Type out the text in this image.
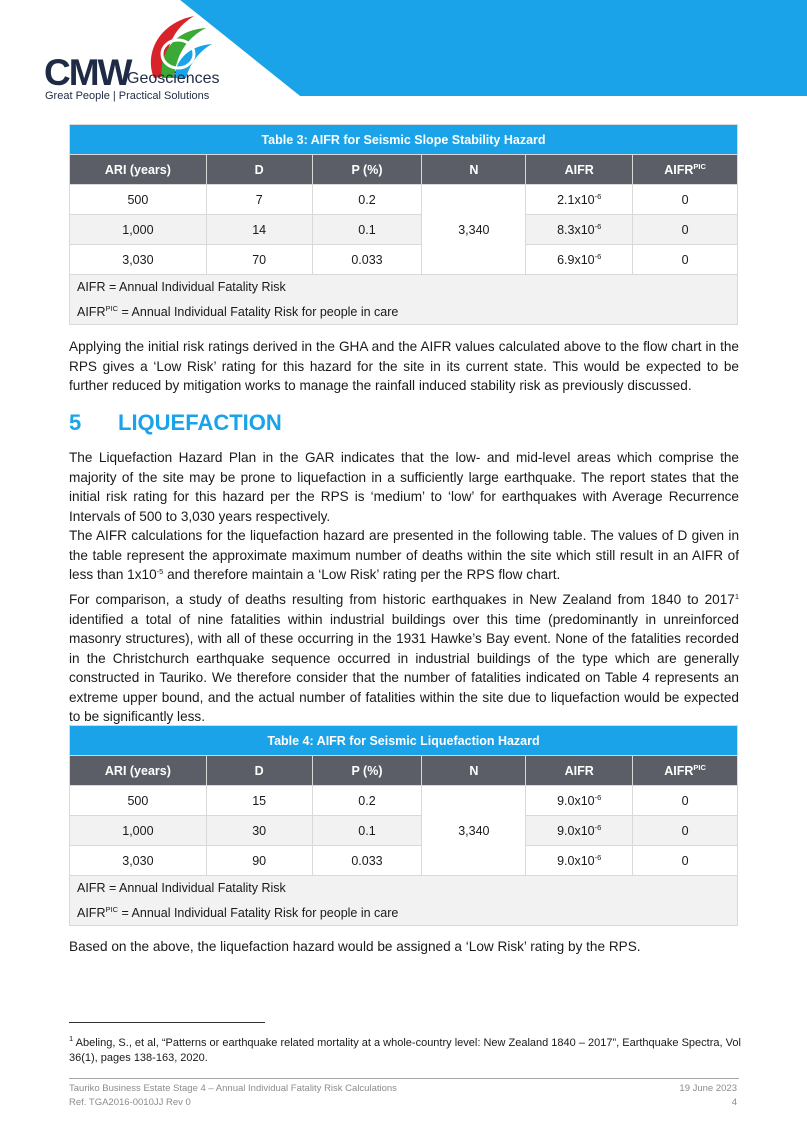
CMW
Geosciences
Great People | Practical Solutions
Table 3: AIFR for Seismic Slope Stability Hazard					
ARI (years)	D	P (%)	N	AIFR	$AIFR^{PIC}$
500	7	0.2	3,340	$2.1x10^{-6}$	0
1,000	14	0.1		$8.3x10^{-6}$	0
3,030	70	0.033		$6.9x10^{-6}$	0
AIFR = Annual Individual Fatality Risk					
$AIFR^{PIC}$ = Annual Individual Fatality Risk for people in care					

Applying the initial risk ratings derived in the GHA and the AIFR values calculated above to the flow chart in the RPS gives a ‘Low Risk’ rating for this hazard for the site in its current state. This would be expected to be further reduced by mitigation works to manage the rainfall induced stability risk as previously discussed.

5 LIQUEFACTION

The Liquefaction Hazard Plan in the GAR indicates that the low- and mid-level areas which comprise the majority of the site may be prone to liquefaction in a sufficiently large earthquake. The report states that the initial risk rating for this hazard per the RPS is ‘medium’ to ‘low’ for earthquakes with Average Recurrence Intervals of 500 to 3,030 years respectively.

The AIFR calculations for the liquefaction hazard are presented in the following table. The values of D given in the table represent the approximate maximum number of deaths within the site which still result in an AIFR of less than $1x10^{-5}$ and therefore maintain a ‘Low Risk’ rating per the RPS flow chart.

For comparison, a study of deaths resulting from historic earthquakes in New Zealand from 1840 to 2017$^1$ identified a total of nine fatalities within industrial buildings over this time (predominantly in unreinforced masonry structures), with all of these occurring in the 1931 Hawke’s Bay event. None of the fatalities recorded in the Christchurch earthquake sequence occurred in industrial buildings of the type which are generally constructed in Tauriko. We therefore consider that the number of fatalities indicated on Table 4 represents an extreme upper bound, and the actual number of fatalities within the site due to liquefaction would be expected to be significantly less.

Table 4: AIFR for Seismic Liquefaction Hazard					
ARI (years)	D	P (%)	N	AIFR	$AIFR^{PIC}$
500	15	0.2	3,340	$9.0x10^{-6}$	0
1,000	30	0.1		$9.0x10^{-6}$	0
3,030	90	0.033		$9.0x10^{-6}$	0
AIFR = Annual Individual Fatality Risk					
$AIFR^{PIC}$ = Annual Individual Fatality Risk for people in care					

Based on the above, the liquefaction hazard would be assigned a ‘Low Risk’ rating by the RPS.

$^1$ Abeling, S., et al, “Patterns or earthquake related mortality at a whole-country level: New Zealand 1840 – 2017”, Earthquake Spectra, Vol 36(1), pages 138-163, 2020.

Tauriko Business Estate Stage 4 – Annual Individual Fatality Risk Calculations
Ref. TGA2016-0010JJ Rev 0
19 June 2023
4
